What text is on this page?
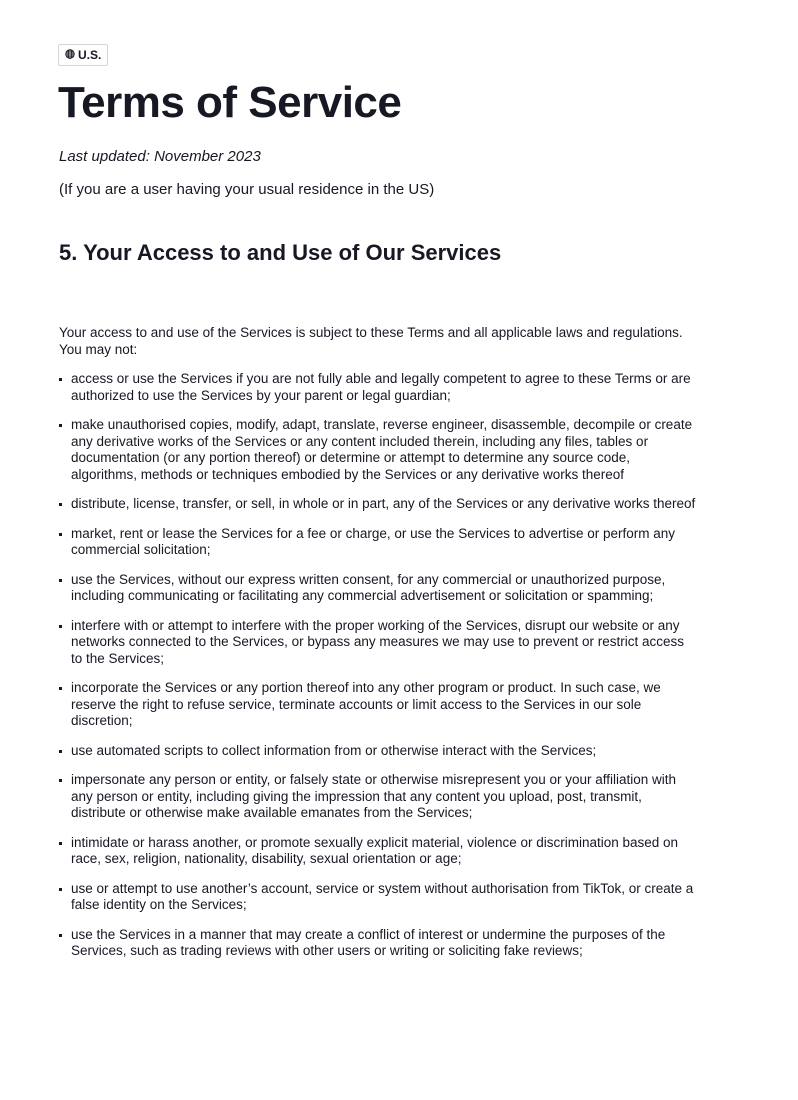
U.S.
Terms of Service

Last updated: November 2023

(If you are a user having your usual residence in the US)

5. Your Access to and Use of Our Services

Your access to and use of the Services is subject to these Terms and all applicable laws and regulations. You may not:

access or use the Services if you are not fully able and legally competent to agree to these Terms or are authorized to use the Services by your parent or legal guardian;
make unauthorised copies, modify, adapt, translate, reverse engineer, disassemble, decompile or create any derivative works of the Services or any content included therein, including any files, tables or documentation (or any portion thereof) or determine or attempt to determine any source code, algorithms, methods or techniques embodied by the Services or any derivative works thereof
distribute, license, transfer, or sell, in whole or in part, any of the Services or any derivative works thereof
market, rent or lease the Services for a fee or charge, or use the Services to advertise or perform any commercial solicitation;
use the Services, without our express written consent, for any commercial or unauthorized purpose, including communicating or facilitating any commercial advertisement or solicitation or spamming;
interfere with or attempt to interfere with the proper working of the Services, disrupt our website or any networks connected to the Services, or bypass any measures we may use to prevent or restrict access to the Services;
incorporate the Services or any portion thereof into any other program or product. In such case, we reserve the right to refuse service, terminate accounts or limit access to the Services in our sole discretion;
use automated scripts to collect information from or otherwise interact with the Services;
impersonate any person or entity, or falsely state or otherwise misrepresent you or your affiliation with any person or entity, including giving the impression that any content you upload, post, transmit, distribute or otherwise make available emanates from the Services;
intimidate or harass another, or promote sexually explicit material, violence or discrimination based on race, sex, religion, nationality, disability, sexual orientation or age;
use or attempt to use another’s account, service or system without authorisation from TikTok, or create a false identity on the Services;
use the Services in a manner that may create a conflict of interest or undermine the purposes of the Services, such as trading reviews with other users or writing or soliciting fake reviews;
